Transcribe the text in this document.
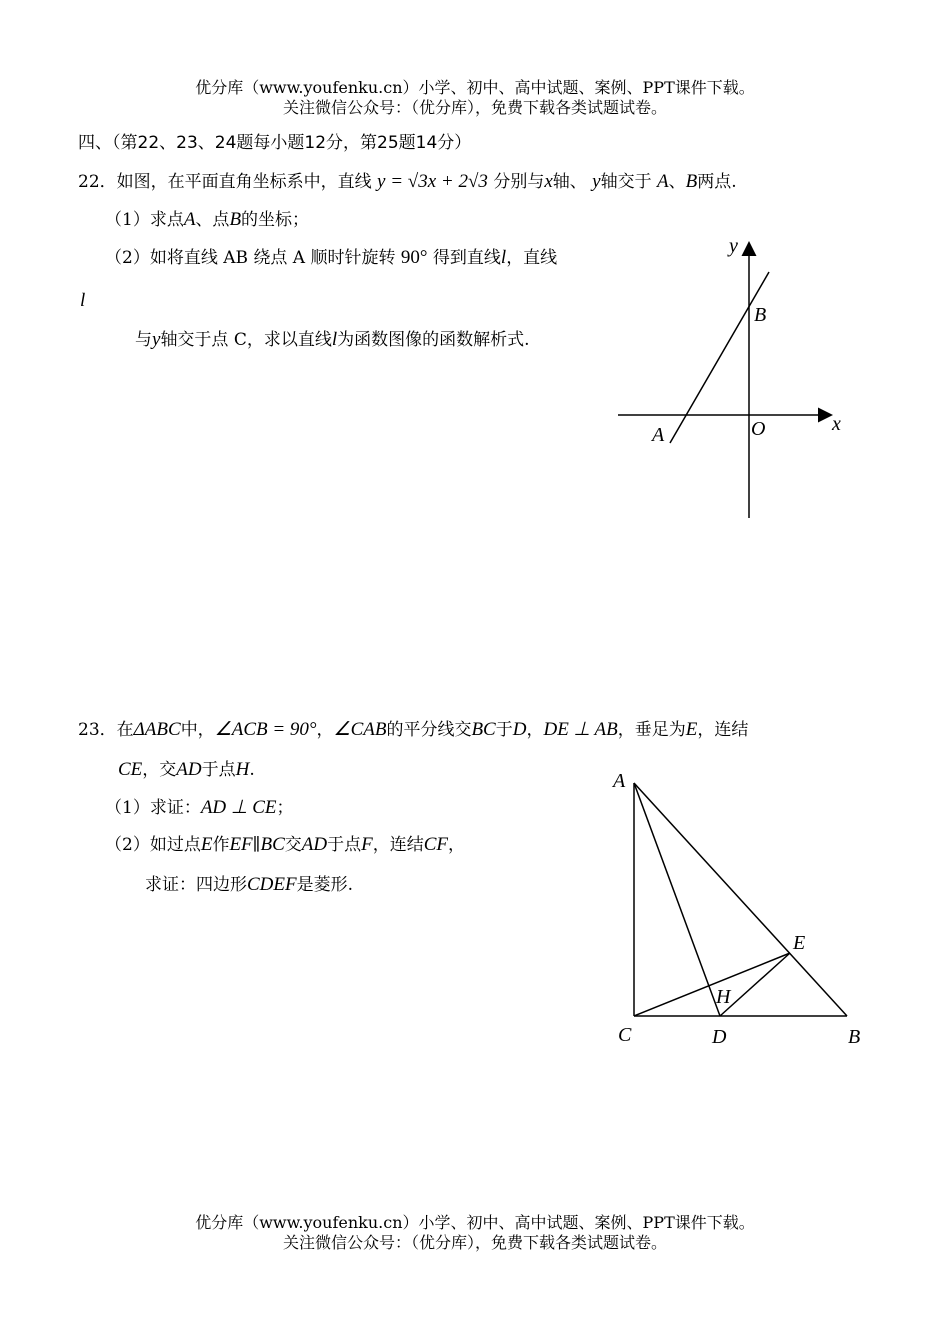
优分库（www.youfenku.cn）小学、初中、高中试题、案例、PPT课件下载。
关注微信公众号：（优分库），免费下载各类试题试卷。
四、（第22、23、24题每小题12分，第25题14分）
22．如图，在平面直角坐标系中，直线 y = √3x + 2√3 分别与x轴、 y轴交于 A、B两点.
（1）求点A、点B的坐标；
（2）如将直线 AB 绕点 A 顺时针旋转 90° 得到直线l，直线
l
与y轴交于点 C，求以直线l为函数图像的函数解析式.
y
x
B
A	O
23．在ΔABC中，∠ACB = 90°，∠CAB的平分线交BC于D，DE ⊥ AB，垂足为E，连结
CE，交AD于点H.
（1）求证：AD ⊥ CE；
（2）如过点E作EF∥BC交AD于点F，连结CF，
求证：四边形CDEF是菱形.
A
E
H
C	D	B
优分库（www.youfenku.cn）小学、初中、高中试题、案例、PPT课件下载。
关注微信公众号：（优分库），免费下载各类试题试卷。
